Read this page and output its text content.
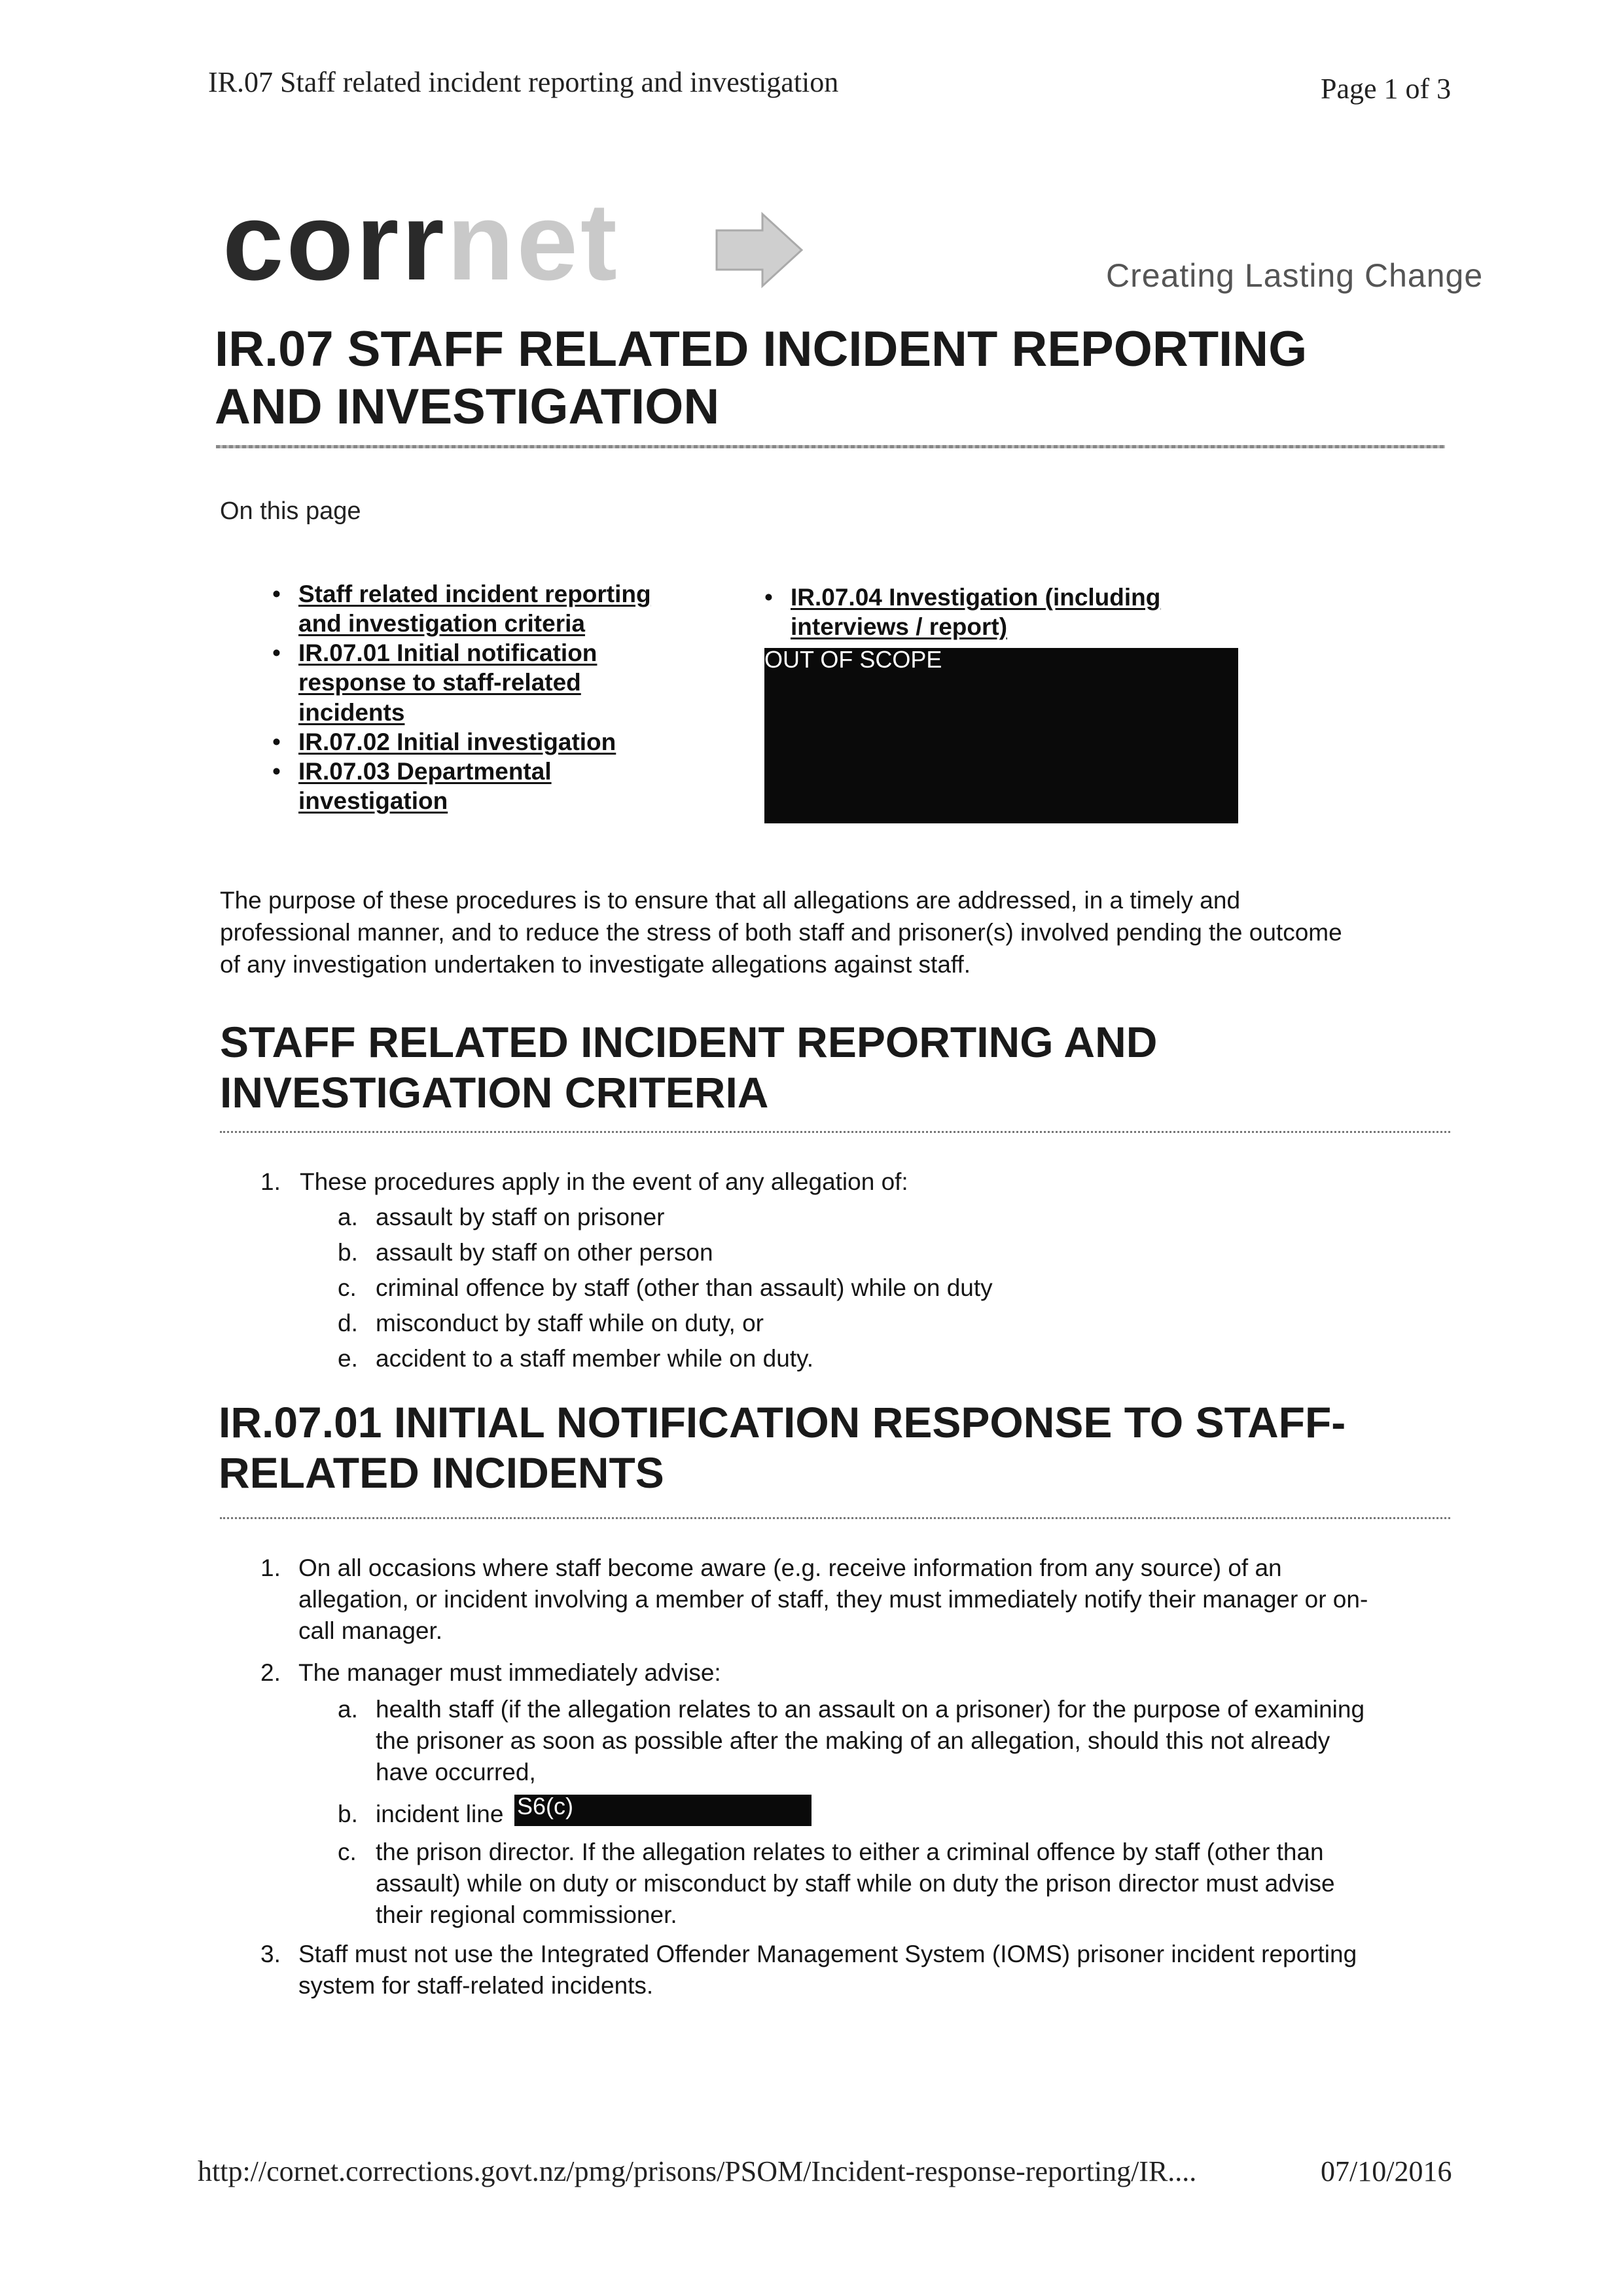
IR.07 Staff related incident reporting and investigation	Page 1 of 3
corrnet	Creating Lasting Change
IR.07 STAFF RELATED INCIDENT REPORTING
AND INVESTIGATION
On this page
• Staff related incident reporting
and investigation criteria
• IR.07.01 Initial notification
response to staff-related
incidents
• IR.07.02 Initial investigation
• IR.07.03 Departmental
investigation
• IR.07.04 Investigation (including
interviews / report)
OUT OF SCOPE
The purpose of these procedures is to ensure that all allegations are addressed, in a timely and
professional manner, and to reduce the stress of both staff and prisoner(s) involved pending the outcome
of any investigation undertaken to investigate allegations against staff.
STAFF RELATED INCIDENT REPORTING AND
INVESTIGATION CRITERIA
1. These procedures apply in the event of any allegation of:
a. assault by staff on prisoner
b. assault by staff on other person
c. criminal offence by staff (other than assault) while on duty
d. misconduct by staff while on duty, or
e. accident to a staff member while on duty.
IR.07.01 INITIAL NOTIFICATION RESPONSE TO STAFF-
RELATED INCIDENTS
1. On all occasions where staff become aware (e.g. receive information from any source) of an
allegation, or incident involving a member of staff, they must immediately notify their manager or on-
call manager.
2. The manager must immediately advise:
a. health staff (if the allegation relates to an assault on a prisoner) for the purpose of examining
the prisoner as soon as possible after the making of an allegation, should this not already
have occurred,
b. incident line S6(c)
c. the prison director. If the allegation relates to either a criminal offence by staff (other than
assault) while on duty or misconduct by staff while on duty the prison director must advise
their regional commissioner.
3. Staff must not use the Integrated Offender Management System (IOMS) prisoner incident reporting
system for staff-related incidents.
http://cornet.corrections.govt.nz/pmg/prisons/PSOM/Incident-response-reporting/IR....	07/10/2016
